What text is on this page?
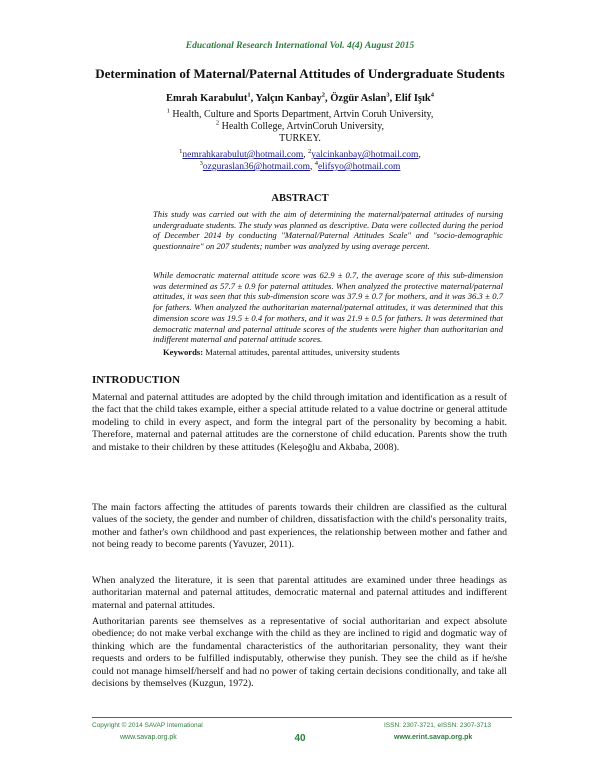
Educational Research International Vol. 4(4) August 2015
Determination of Maternal/Paternal Attitudes of Undergraduate Students
Emrah Karabulut$^1$, Yalçın Kanbay$^2$, Özgür Aslan$^3$, Elif Işık$^4$
$^1$ Health, Culture and Sports Department, Artvin Coruh University,
$^2$ Health College, ArtvinCoruh University,
TURKEY.
$^1$nemrahkarabulut@hotmail.com, $^2$yalcinkanbay@hotmail.com,
$^3$ozguraslan36@hotmail.com, $^4$elifsyo@hotmail.com
ABSTRACT

This study was carried out with the aim of determining the maternal/paternal attitudes of nursing undergraduate students. The study was planned as descriptive. Data were collected during the period of December 2014 by conducting "Maternal/Paternal Attitudes Scale" and "socio-demographic questionnaire" on 207 students; number was analyzed by using average percent.

While democratic maternal attitude score was 62.9 ± 0.7, the average score of this sub-dimension was determined as 57.7 ± 0.9 for paternal attitudes. When analyzed the protective maternal/paternal attitudes, it was seen that this sub-dimension score was 37.9 ± 0.7 for mothers, and it was 36.3 ± 0.7 for fathers. When analyzed the authoritarian maternal/paternal attitudes, it was determined that this dimension score was 19.5 ± 0.4 for mothers, and it was 21.9 ± 0.5 for fathers. It was determined that democratic maternal and paternal attitude scores of the students were higher than authoritarian and indifferent maternal and paternal attitude scores.

Keywords: Maternal attitudes, parental attitudes, university students
INTRODUCTION

Maternal and paternal attitudes are adopted by the child through imitation and identification as a result of the fact that the child takes example, either a special attitude related to a value doctrine or general attitude modeling to child in every aspect, and form the integral part of the personality by becoming a habit. Therefore, maternal and paternal attitudes are the cornerstone of child education. Parents show the truth and mistake to their children by these attitudes (Keleşoğlu and Akbaba, 2008).

The main factors affecting the attitudes of parents towards their children are classified as the cultural values of the society, the gender and number of children, dissatisfaction with the child's personality traits, mother and father's own childhood and past experiences, the relationship between mother and father and not being ready to become parents (Yavuzer, 2011).

When analyzed the literature, it is seen that parental attitudes are examined under three headings as authoritarian maternal and paternal attitudes, democratic maternal and paternal attitudes and indifferent maternal and paternal attitudes.

Authoritarian parents see themselves as a representative of social authoritarian and expect absolute obedience; do not make verbal exchange with the child as they are inclined to rigid and dogmatic way of thinking which are the fundamental characteristics of the authoritarian personality, they want their requests and orders to be fulfilled indisputably, otherwise they punish. They see the child as if he/she could not manage himself/herself and had no power of taking certain decisions conditionally, and take all decisions by themselves (Kuzgun, 1972).

Copyright © 2014 SAVAP International	ISSN: 2307-3721, eISSN: 2307-3713
www.savap.org.pk	40	www.erint.savap.org.pk
